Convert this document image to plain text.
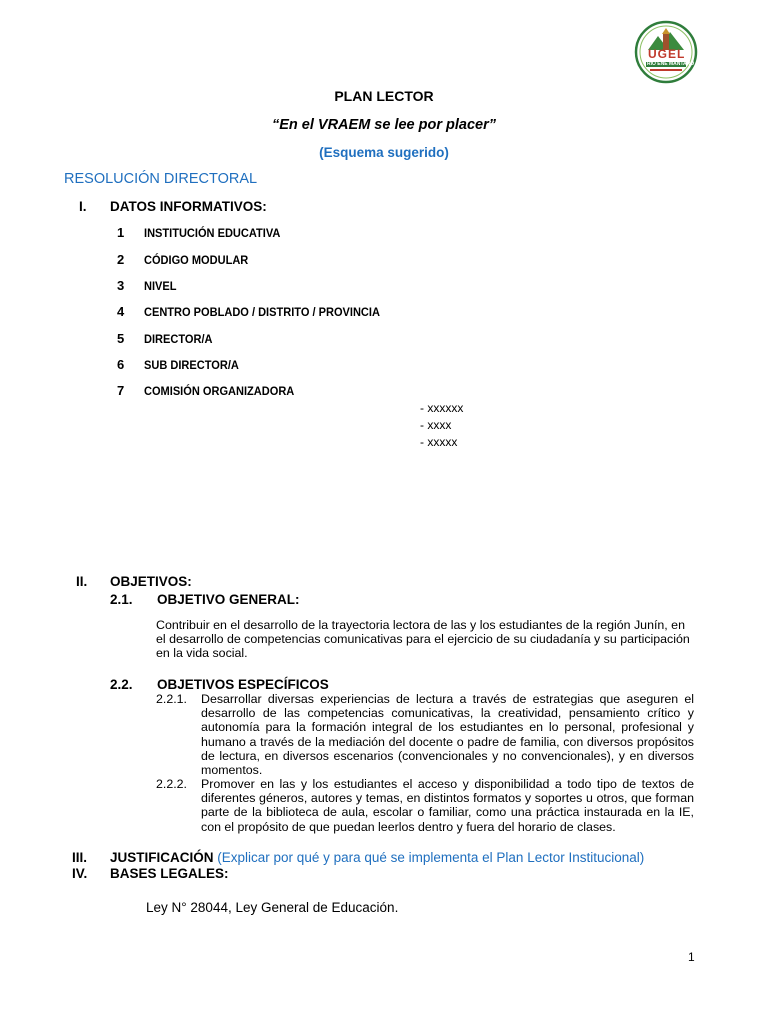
UGEL
RÍO ENE MANTARO
PLAN LECTOR
“En el VRAEM se lee por placer”
(Esquema sugerido)
RESOLUCIÓN DIRECTORAL
I. DATOS INFORMATIVOS:
1 INSTITUCIÓN EDUCATIVA
2 CÓDIGO MODULAR
3 NIVEL
4 CENTRO POBLADO / DISTRITO / PROVINCIA
5 DIRECTOR/A
6 SUB DIRECTOR/A
7 COMISIÓN ORGANIZADORA
- xxxxxx
- xxxx
- xxxxx
II. OBJETIVOS:
2.1. OBJETIVO GENERAL:
Contribuir en el desarrollo de la trayectoria lectora de las y los estudiantes de la región Junín, en el desarrollo de competencias comunicativas para el ejercicio de su ciudadanía y su participación en la vida social.
2.2. OBJETIVOS ESPECÍFICOS
2.2.1. Desarrollar diversas experiencias de lectura a través de estrategias que aseguren el desarrollo de las competencias comunicativas, la creatividad, pensamiento crítico y autonomía para la formación integral de los estudiantes en lo personal, profesional y humano a través de la mediación del docente o padre de familia, con diversos propósitos de lectura, en diversos escenarios (convencionales y no convencionales), y en diversos momentos.
2.2.2. Promover en las y los estudiantes el acceso y disponibilidad a todo tipo de textos de diferentes géneros, autores y temas, en distintos formatos y soportes u otros, que forman parte de la biblioteca de aula, escolar o familiar, como una práctica instaurada en la IE, con el propósito de que puedan leerlos dentro y fuera del horario de clases.
III. JUSTIFICACIÓN (Explicar por qué y para qué se implementa el Plan Lector Institucional)
IV. BASES LEGALES:
Ley N° 28044, Ley General de Educación.
1
